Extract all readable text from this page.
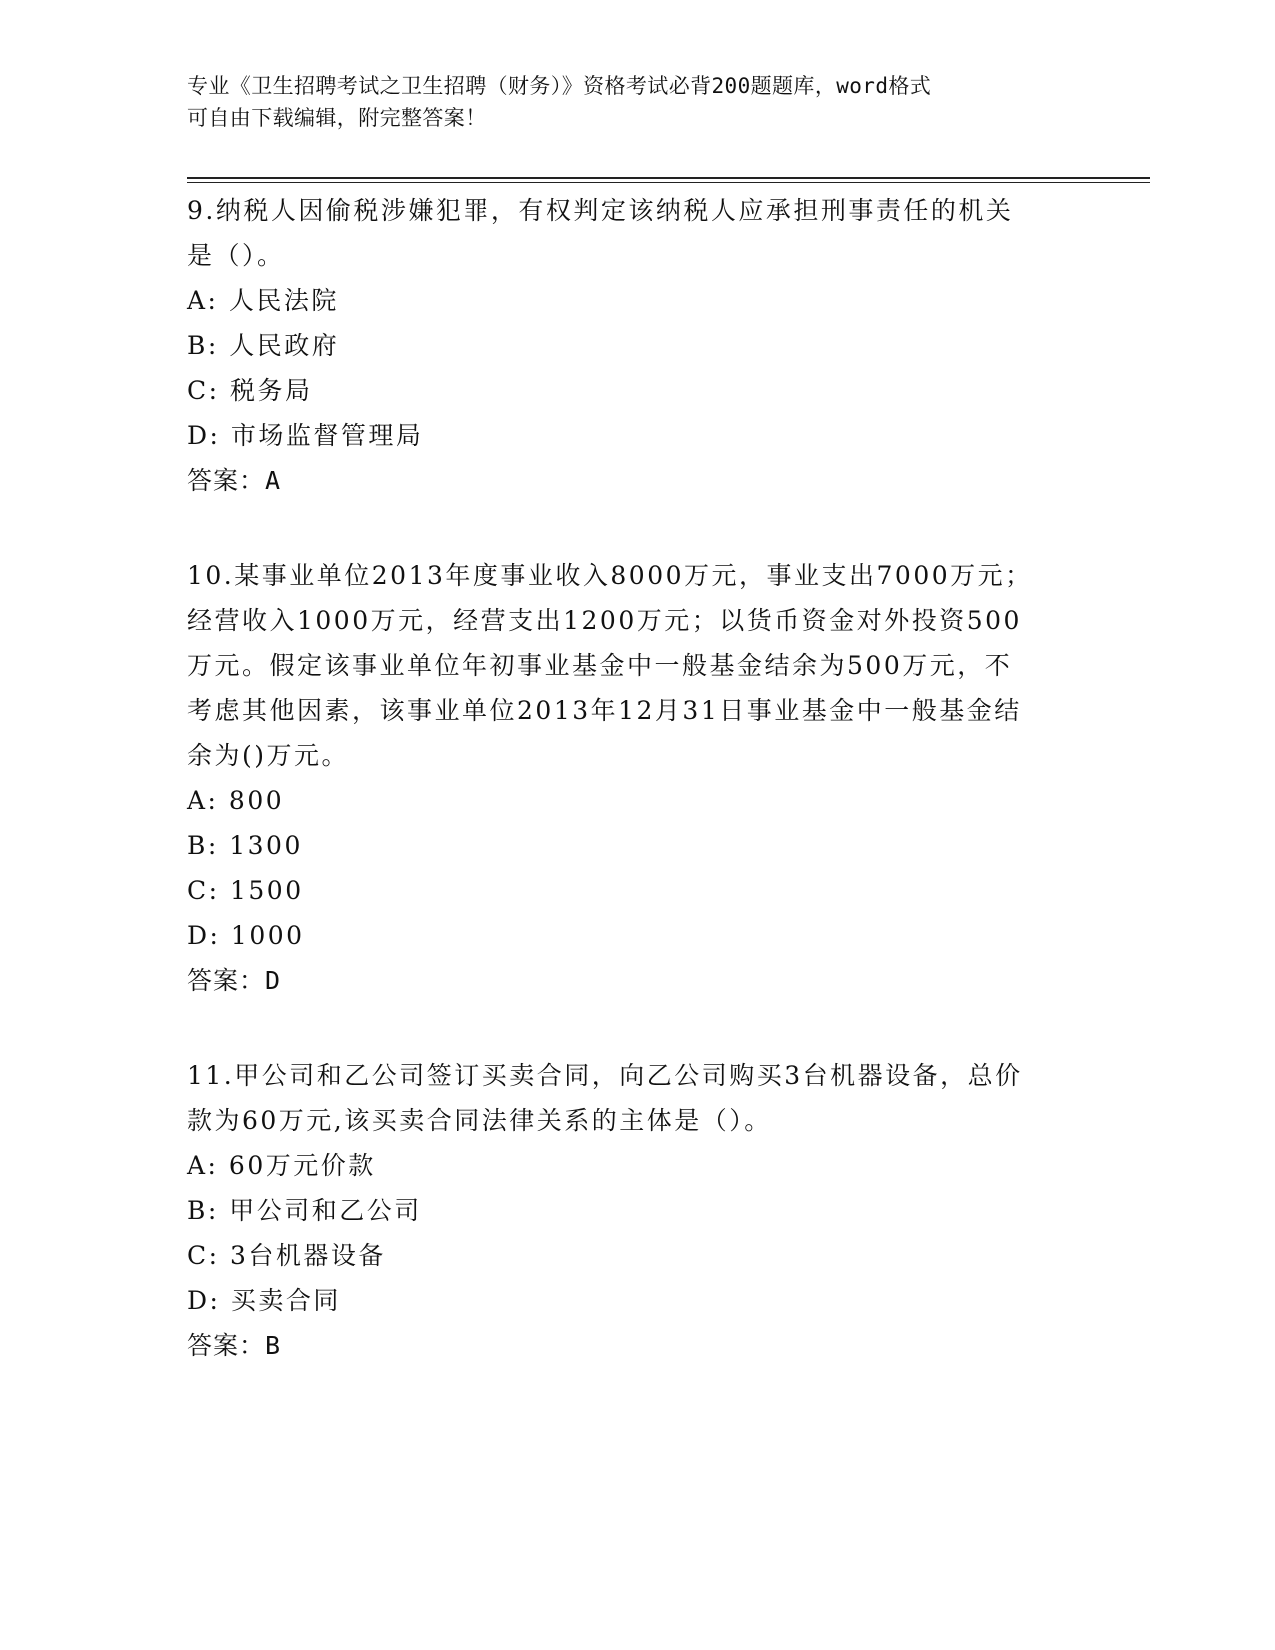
专业《卫生招聘考试之卫生招聘（财务）》资格考试必背200题题库，word格式
可自由下载编辑，附完整答案！
9.纳税人因偷税涉嫌犯罪，有权判定该纳税人应承担刑事责任的机关
是（）。
A: 人民法院
B: 人民政府
C: 税务局
D: 市场监督管理局
答案：A
10.某事业单位2013年度事业收入8000万元，事业支出7000万元；
经营收入1000万元，经营支出1200万元；以货币资金对外投资500
万元。假定该事业单位年初事业基金中一般基金结余为500万元，不
考虑其他因素，该事业单位2013年12月31日事业基金中一般基金结
余为()万元。
A: 800
B: 1300
C: 1500
D: 1000
答案：D
11.甲公司和乙公司签订买卖合同，向乙公司购买3台机器设备，总价
款为60万元,该买卖合同法律关系的主体是（）。
A: 60万元价款
B: 甲公司和乙公司
C: 3台机器设备
D: 买卖合同
答案：B
